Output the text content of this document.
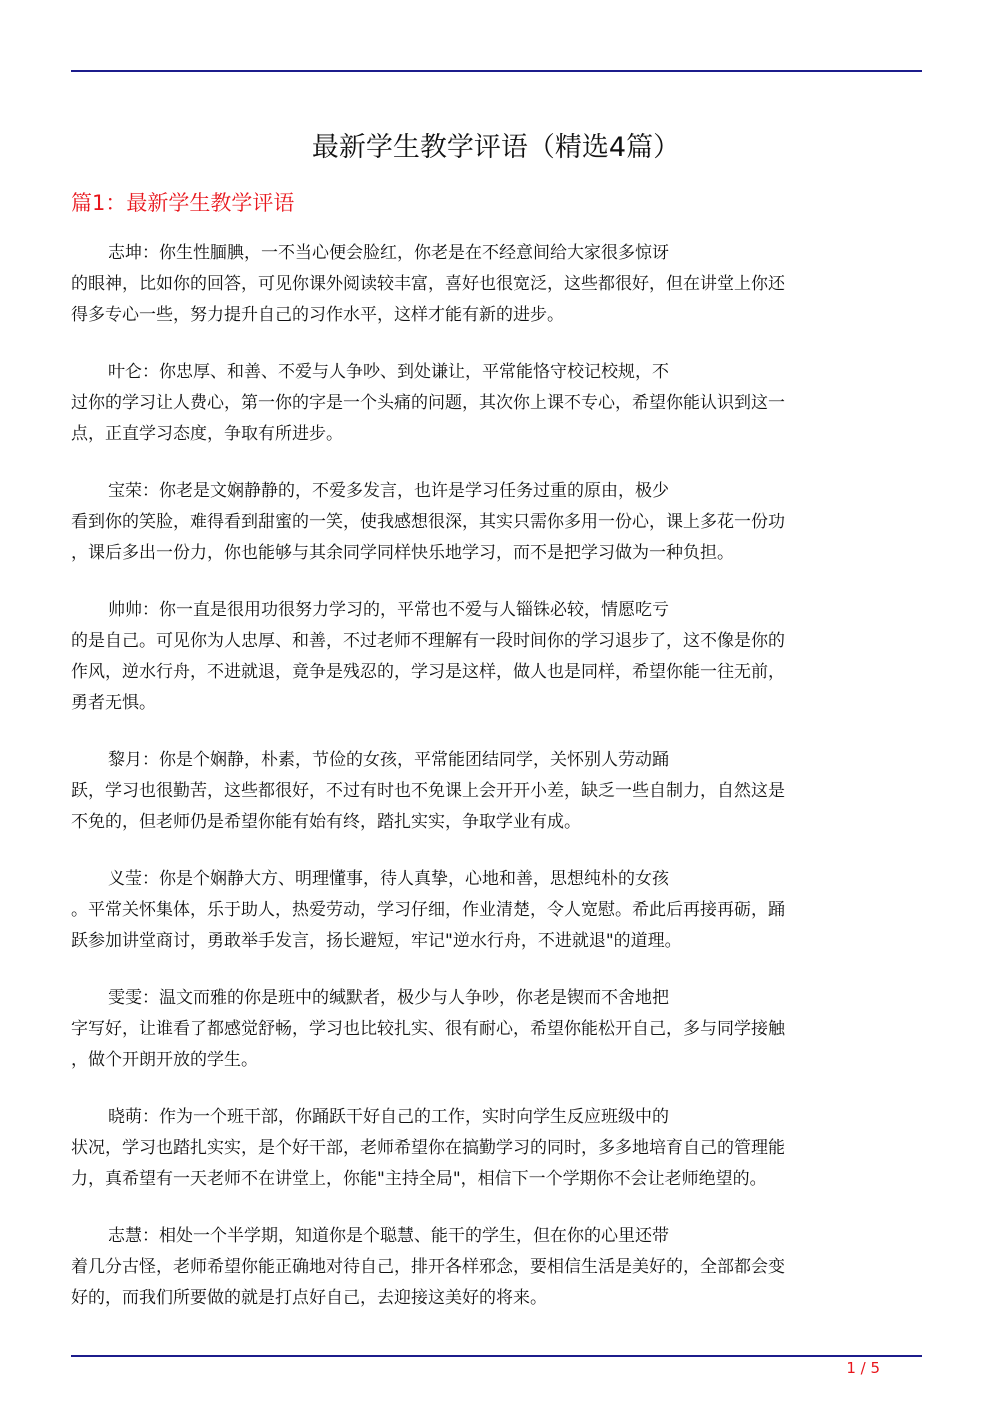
最新学生教学评语（精选4篇）
篇1：最新学生教学评语
志坤：你生性腼腆，一不当心便会脸红，你老是在不经意间给大家很多惊讶
的眼神，比如你的回答，可见你课外阅读较丰富，喜好也很宽泛，这些都很好，但在讲堂上你还
得多专心一些，努力提升自己的习作水平，这样才能有新的进步。
叶仑：你忠厚、和善、不爱与人争吵、到处谦让，平常能恪守校记校规，不
过你的学习让人费心，第一你的字是一个头痛的问题，其次你上课不专心，希望你能认识到这一
点，正直学习态度，争取有所进步。
宝荣：你老是文娴静静的，不爱多发言，也许是学习任务过重的原由，极少
看到你的笑脸，难得看到甜蜜的一笑，使我感想很深，其实只需你多用一份心，课上多花一份功
，课后多出一份力，你也能够与其余同学同样快乐地学习，而不是把学习做为一种负担。
帅帅：你一直是很用功很努力学习的，平常也不爱与人锱铢必较，情愿吃亏
的是自己。可见你为人忠厚、和善，不过老师不理解有一段时间你的学习退步了，这不像是你的
作风，逆水行舟，不进就退，竟争是残忍的，学习是这样，做人也是同样，希望你能一往无前，
勇者无惧。
黎月：你是个娴静，朴素，节俭的女孩，平常能团结同学，关怀别人劳动踊
跃，学习也很勤苦，这些都很好，不过有时也不免课上会开开小差，缺乏一些自制力，自然这是
不免的，但老师仍是希望你能有始有终，踏扎实实，争取学业有成。
义莹：你是个娴静大方、明理懂事，待人真挚，心地和善，思想纯朴的女孩
。平常关怀集体，乐于助人，热爱劳动，学习仔细，作业清楚，令人宽慰。希此后再接再砺，踊
跃参加讲堂商讨，勇敢举手发言，扬长避短，牢记"逆水行舟，不进就退"的道理。
雯雯：温文而雅的你是班中的缄默者，极少与人争吵，你老是锲而不舍地把
字写好，让谁看了都感觉舒畅，学习也比较扎实、很有耐心，希望你能松开自己，多与同学接触
，做个开朗开放的学生。
晓萌：作为一个班干部，你踊跃干好自己的工作，实时向学生反应班级中的
状况，学习也踏扎实实，是个好干部，老师希望你在搞勤学习的同时，多多地培育自己的管理能
力，真希望有一天老师不在讲堂上，你能"主持全局"，相信下一个学期你不会让老师绝望的。
志慧：相处一个半学期，知道你是个聪慧、能干的学生，但在你的心里还带
着几分古怪，老师希望你能正确地对待自己，排开各样邪念，要相信生活是美好的，全部都会变
好的，而我们所要做的就是打点好自己，去迎接这美好的将来。
1 / 5
